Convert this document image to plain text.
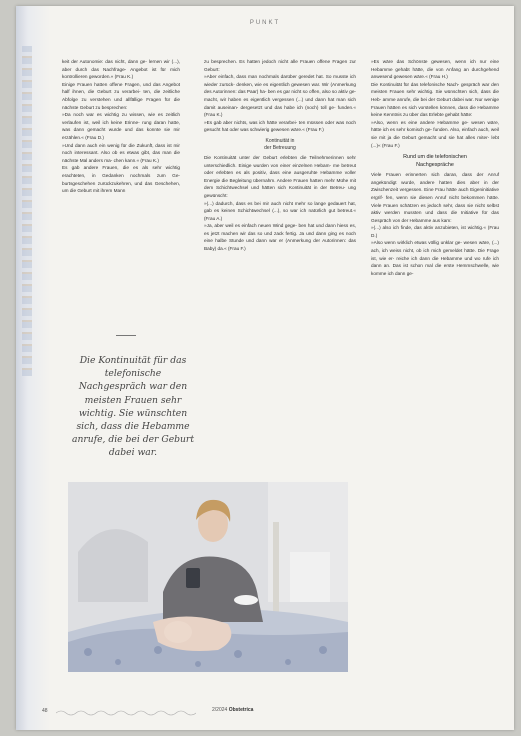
PUNKT

keit der Autonomie: das nicht, dann ge- lernen wir (...), aber durch das Nachfrage- Angebot ist für mich kontrollieren geworden.« (Frau K.)

Einige Frauen hatten offene Fragen, und das Angebot half ihnen, die Geburt zu verarbei- ten, die zeitliche Abfolge zu verstehen und allfällige Fragen für die nächste Geburt zu besprechen:

»Da noch war es wichtig zu wissen, wie es zeitlich verlaufen ist, weil ich keine Erinne- rung daran hatte, was dann gemacht wurde und das konnte sie mir erzählen.« (Frau D.)

»Und dann auch ein wenig für die Zukunft, dass ist mir noch interessant. Also ob es etwas gibt, das man die nächste Mal anders ma- chen kann.« (Frau K.)

Es gab andere Frauen, die es als sehr wichtig erachteten, in Gedanken nochmals zum Ge- burtsgeschehen zurückzukehren, und das Geschehen, um die Geburt mit ihrem Mann

Die Kontinuität für das telefonische Nachgespräch war den meisten Frauen sehr wichtig. Sie wünschten sich, dass die Hebamme anrufe, die bei der Geburt dabei war.

zu besprechen. Es hatten jedoch nicht alle Frauen offene Fragen zur Geburt:

»Aber einfach, dass man nochmals darüber geredet hat. So musste ich wieder zurück- denken, wie es eigentlich gewesen war. Wir (Anmerkung des Autorinnen: das Paar) ha- ben es gar nicht so offen, also so aktiv ge- macht, wir haben es eigentlich vergessen (...) und dann hat man sich damit auseinan- dergesetzt und das habe ich (noch) toll ge- funden.« (Frau K.)

»Es gab aber nichts, was ich hätte verarbei- ten müssen oder was noch gesucht hat oder was schwierig gewesen wäre.« (Frau F.)

Kontinuität in
der Betreuung

Die Kontinuität unter der Geburt erlebten die Teilnehmerinnen sehr unterschiedlich. Einige wurden von einer einzelnen Hebam- me betreut oder erlebten es als positiv, dass eine ausgeruhte Hebamme voller Energie die Begleitung übernahm. Andere Frauen hatten mehr Mühe mit dem Schichtwechsel und hätten sich Kontinuität in der Betreu- ung gewünscht:

»(...) dadurch, dass es bei mir auch nicht mehr so lange gedauert hat, gab es keinen Schichtwechsel (...), so war ich natürlich gut betreut.« (Frau A.)

»Ja, aber weil es einfach neuen Wind gege- ben hat und dann hiess es, es jetzt machen wir das so und zack fertig. Ja und dann ging es noch eine halbe Stunde und dann war er (Anmerkung der Autorinnen: das Baby) da.« (Frau F.)

»Es wäre das Schönste gewesen, wenn ich nur eine Hebamme gehabt hätte, die von Anfang an durchgehend anwesend gewesen wäre.« (Frau H.)

Die Kontinuität für das telefonische Nach- gespräch war den meisten Frauen sehr wichtig. Sie wünschten sich, dass die Heb- amme anrufe, die bei der Geburt dabei war. Nur wenige Frauen hätten es sich vorstellen können, dass die Hebamme keine Kenntnis zu über das Erlebte gehabt hätte:

»Also, wenn es eine andere Hebamme ge- wesen wäre, hätte ich es sehr komisch ge- funden. Also, einfach auch, weil sie mit ja die Geburt gemacht und sie hat alles miter- lebt (...)« (Frau F.)

Rund um die telefonischen
Nachgespräche

Viele Frauen erinnerten sich daran, dass der Anruf angekündigt wurde, andere hatten dies aber in der Zwischenzeit vergessen. Eine Frau hätte auch Eigeninitiative ergrif- fen, wenn sie diesen Anruf nicht bekommen hätte. Viele Frauen schätzen es jedoch sehr, dass sie nicht selbst aktiv werden mussten und dass die Initiative für das Gespräch von der Hebamme aus kam:

»(...) also ich finde, das aktiv anzubieten, ist wichtig.« (Frau D.)

»Also wenn wirklich etwas völlig unklar ge- wesen wäre, (...) ach, ich weiss nicht, ob ich mich gemeldet hätte. Die Frage ist, wie er- reiche ich dann die Hebamme und wo rufe ich dann an. Das ist schon mal die erste Hemmschwelle, wie komme ich dann ge-

48	2/2024 Obstetrica
